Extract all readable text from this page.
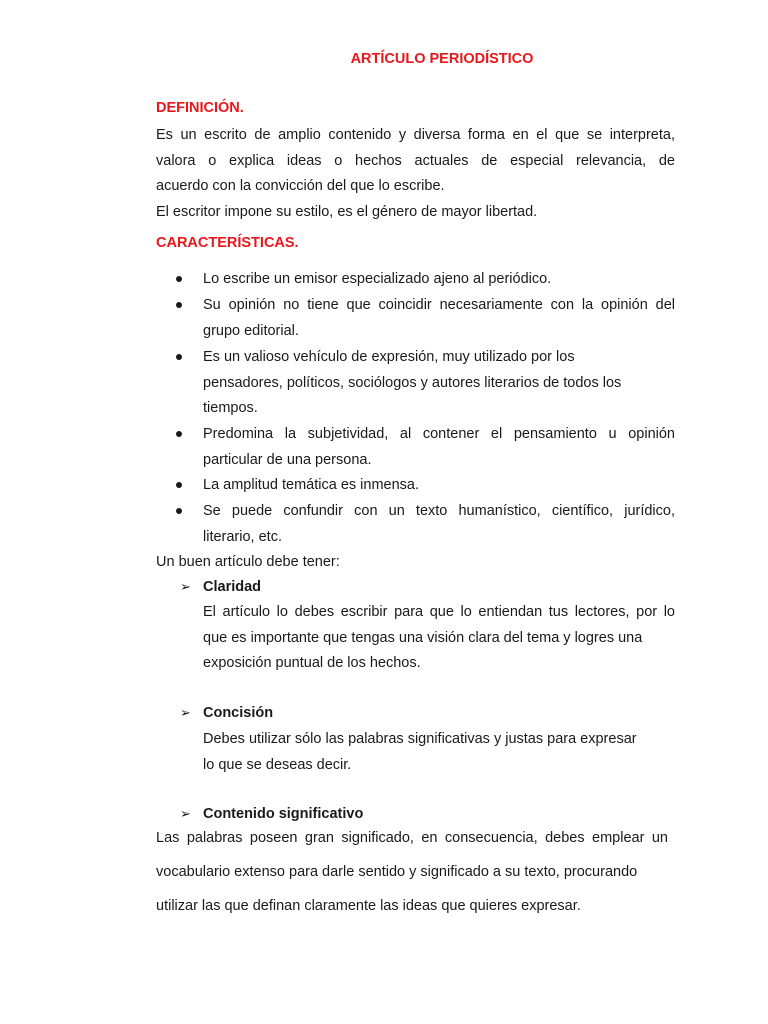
ARTÍCULO PERIODÍSTICO
DEFINICIÓN.
Es un escrito de amplio contenido y diversa forma en el que se interpreta,
valora o explica ideas o hechos actuales de especial relevancia, de
acuerdo con la convicción del que lo escribe.
El escritor impone su estilo, es el género de mayor libertad.
CARACTERÍSTICAS.
Lo escribe un emisor especializado ajeno al periódico.
Su opinión no tiene que coincidir necesariamente con la opinión del
grupo editorial.
Es un valioso vehículo de expresión, muy utilizado por los
pensadores, políticos, sociólogos y autores literarios de todos los
tiempos.
Predomina la subjetividad, al contener el pensamiento u opinión
particular de una persona.
La amplitud temática es inmensa.
Se puede confundir con un texto humanístico, científico, jurídico,
literario, etc.
Un buen artículo debe tener:
➢ Claridad
El artículo lo debes escribir para que lo entiendan tus lectores, por lo
que es importante que tengas una visión clara del tema y logres una
exposición puntual de los hechos.
➢ Concisión
Debes utilizar sólo las palabras significativas y justas para expresar
lo que se deseas decir.
➢ Contenido significativo
Las palabras poseen gran significado, en consecuencia, debes emplear un
vocabulario extenso para darle sentido y significado a su texto, procurando
utilizar las que definan claramente las ideas que quieres expresar.
